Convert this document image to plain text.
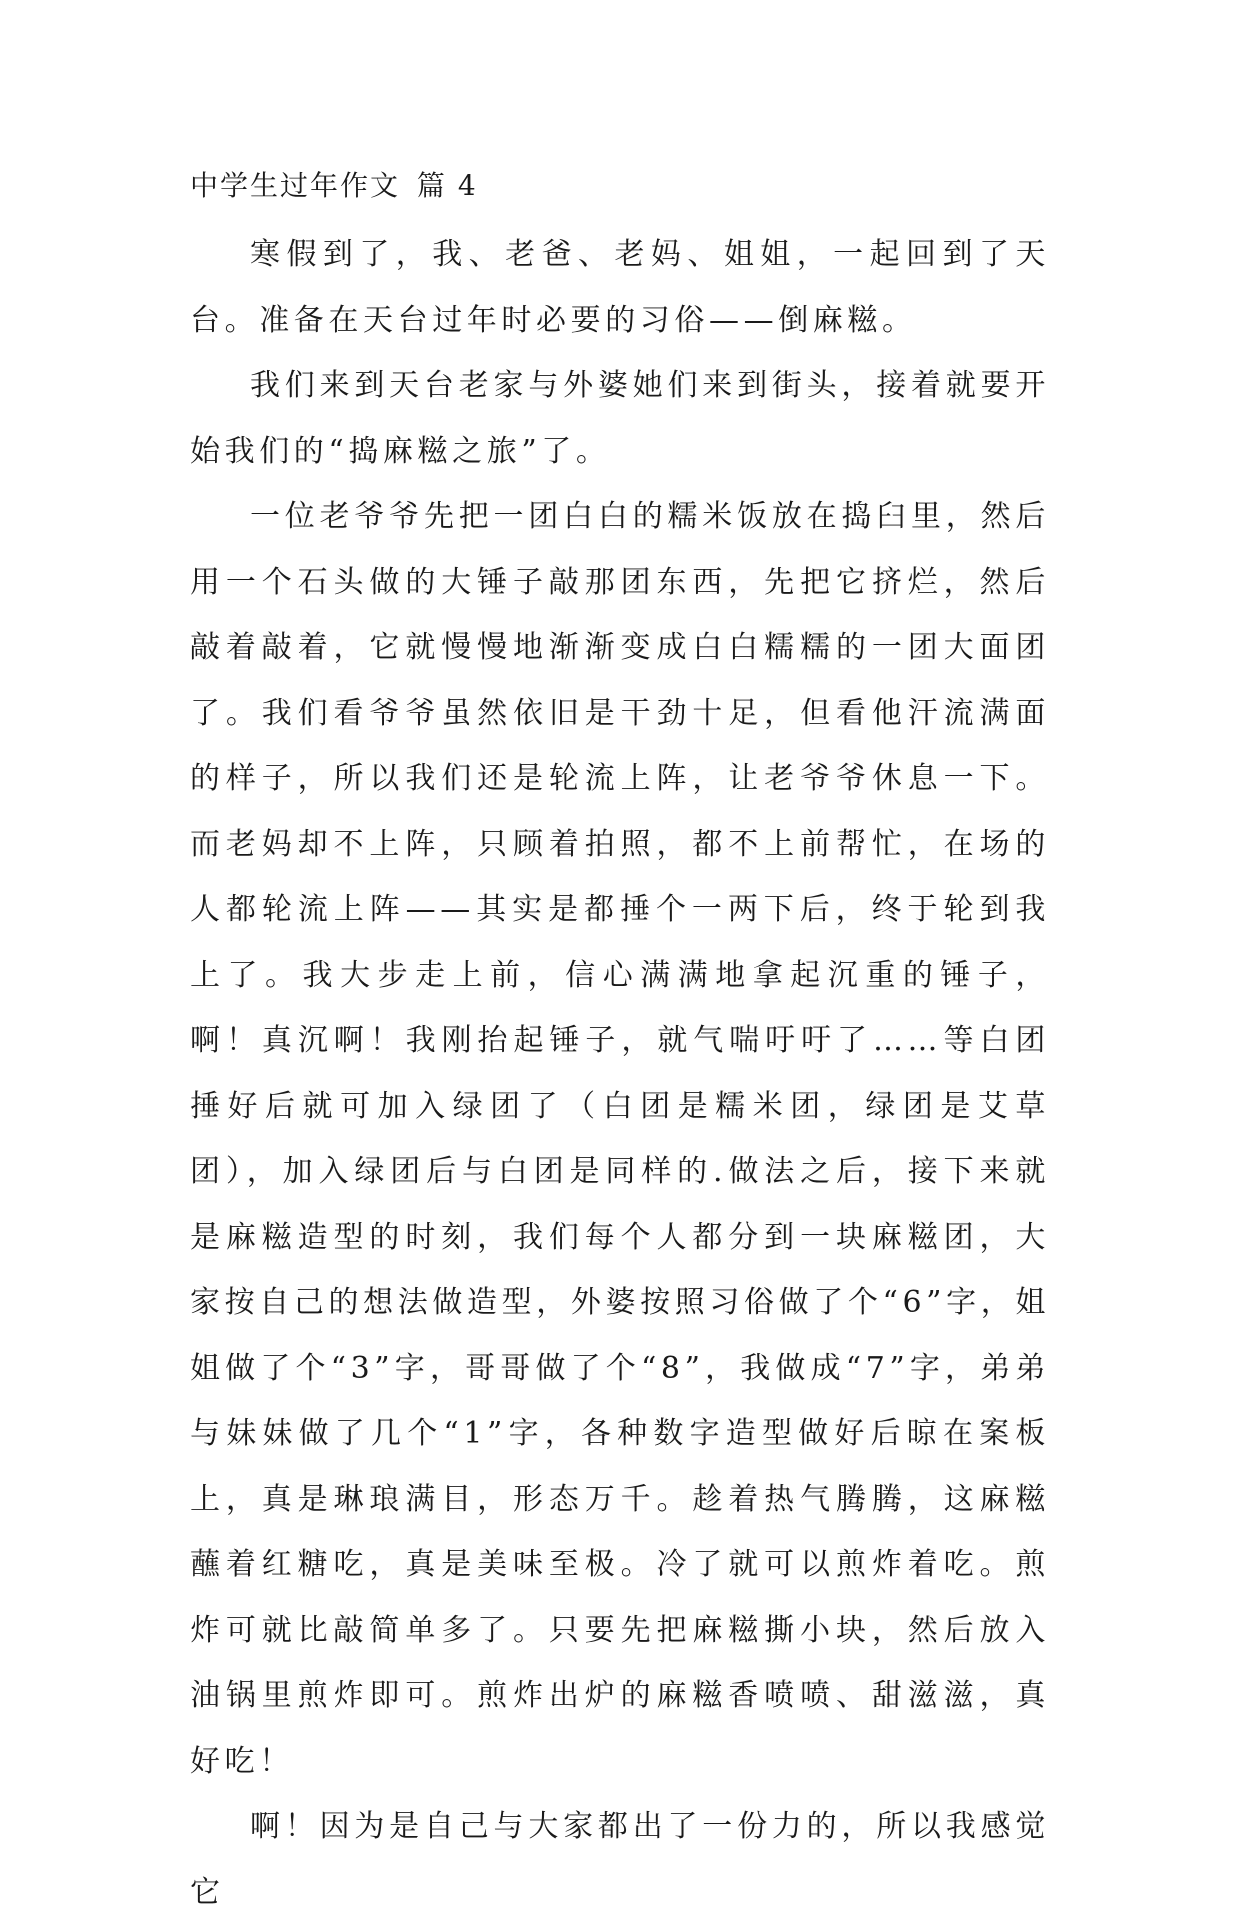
中学生过年作文 篇 4

寒假到了，我、老爸、老妈、姐姐，一起回到了天台。准备在天台过年时必要的习俗——倒麻糍。

我们来到天台老家与外婆她们来到街头，接着就要开始我们的“捣麻糍之旅”了。

一位老爷爷先把一团白白的糯米饭放在捣臼里，然后用一个石头做的大锤子敲那团东西，先把它挤烂，然后敲着敲着，它就慢慢地渐渐变成白白糯糯的一团大面团了。我们看爷爷虽然依旧是干劲十足，但看他汗流满面的样子，所以我们还是轮流上阵，让老爷爷休息一下。而老妈却不上阵，只顾着拍照，都不上前帮忙，在场的人都轮流上阵——其实是都捶个一两下后，终于轮到我上了。我大步走上前，信心满满地拿起沉重的锤子，啊！真沉啊！我刚抬起锤子，就气喘吁吁了……等白团捶好后就可加入绿团了（白团是糯米团，绿团是艾草团），加入绿团后与白团是同样的.做法之后，接下来就是麻糍造型的时刻，我们每个人都分到一块麻糍团，大家按自己的想法做造型，外婆按照习俗做了个“6”字，姐姐做了个“3”字，哥哥做了个“8”，我做成“7”字，弟弟与妹妹做了几个“1”字，各种数字造型做好后晾在案板上，真是琳琅满目，形态万千。趁着热气腾腾，这麻糍蘸着红糖吃，真是美味至极。冷了就可以煎炸着吃。煎炸可就比敲简单多了。只要先把麻糍撕小块，然后放入油锅里煎炸即可。煎炸出炉的麻糍香喷喷、甜滋滋，真好吃！

啊！因为是自己与大家都出了一份力的，所以我感觉它
